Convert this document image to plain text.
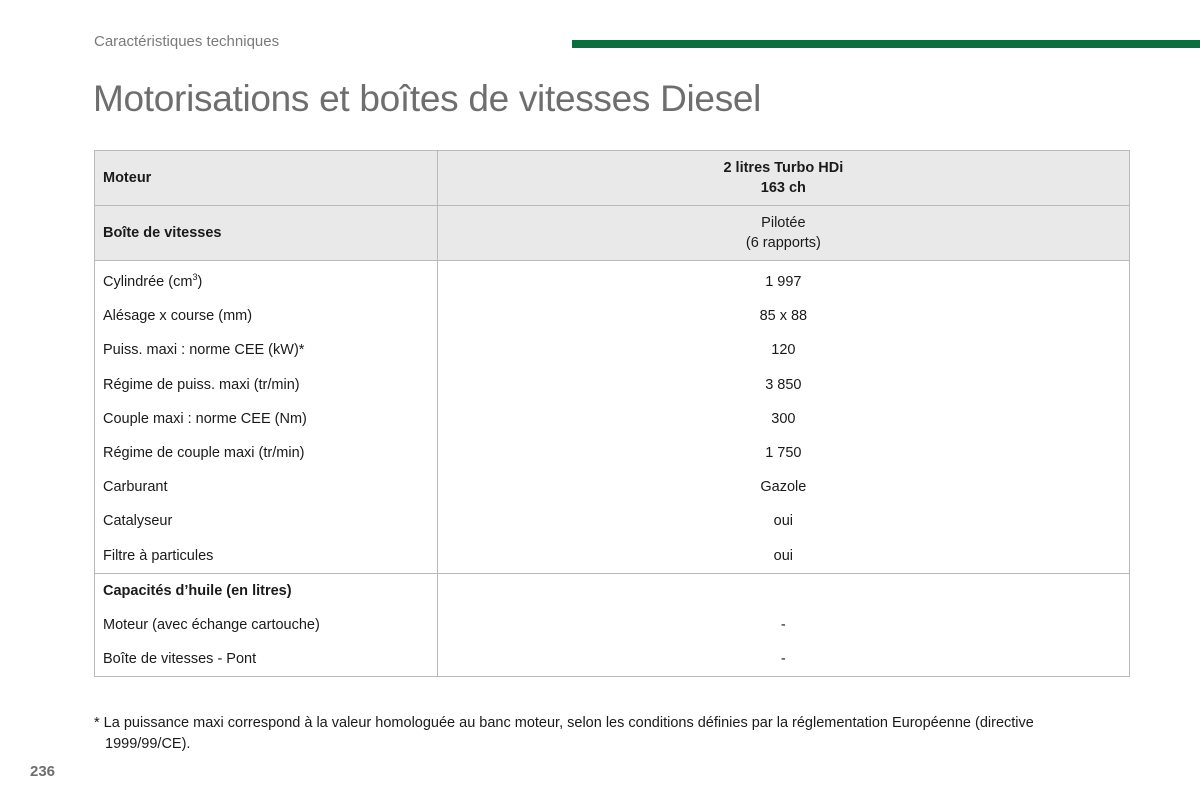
Caractéristiques techniques
Motorisations et boîtes de vitesses Diesel
Moteur	2 litres Turbo HDi
163 ch

Boîte de vitesses	Pilotée
(6 rapports)

Cylindrée $(cm^3)$	1 997
Alésage x course (mm)	85 x 88
Puiss. maxi : norme CEE (kW)*	120
Régime de puiss. maxi (tr/min)	3 850
Couple maxi : norme CEE (Nm)	300
Régime de couple maxi (tr/min)	1 750
Carburant	Gazole
Catalyseur	oui
Filtre à particules	oui
Capacités d’huile (en litres)	
Moteur (avec échange cartouche)	-
Boîte de vitesses - Pont	-
* La puissance maxi correspond à la valeur homologuée au banc moteur, selon les conditions définies par la réglementation Européenne (directive
1999/99/CE).
236
